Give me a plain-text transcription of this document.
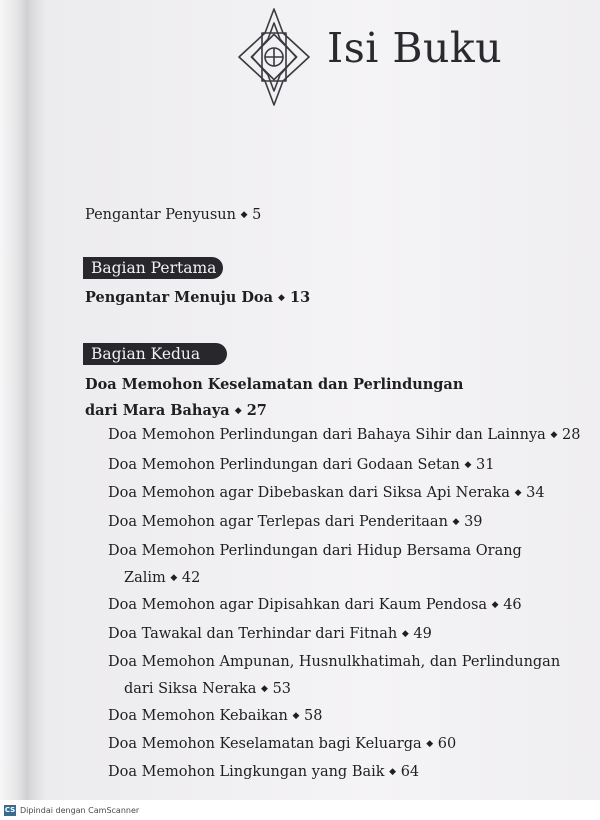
Isi Buku

Pengantar Penyusun ◆ 5

Bagian Pertama

Pengantar Menuju Doa ◆ 13

Bagian Kedua

Doa Memohon Keselamatan dan Perlindungan

dari Mara Bahaya ◆ 27

Doa Memohon Perlindungan dari Bahaya Sihir dan Lainnya ◆ 28

Doa Memohon Perlindungan dari Godaan Setan ◆ 31

Doa Memohon agar Dibebaskan dari Siksa Api Neraka ◆ 34

Doa Memohon agar Terlepas dari Penderitaan ◆ 39

Doa Memohon Perlindungan dari Hidup Bersama Orang

Zalim ◆ 42

Doa Memohon agar Dipisahkan dari Kaum Pendosa ◆ 46

Doa Tawakal dan Terhindar dari Fitnah ◆ 49

Doa Memohon Ampunan, Husnulkhatimah, dan Perlindungan

dari Siksa Neraka ◆ 53

Doa Memohon Kebaikan ◆ 58

Doa Memohon Keselamatan bagi Keluarga ◆ 60

Doa Memohon Lingkungan yang Baik ◆ 64

CS Dipindai dengan CamScanner
